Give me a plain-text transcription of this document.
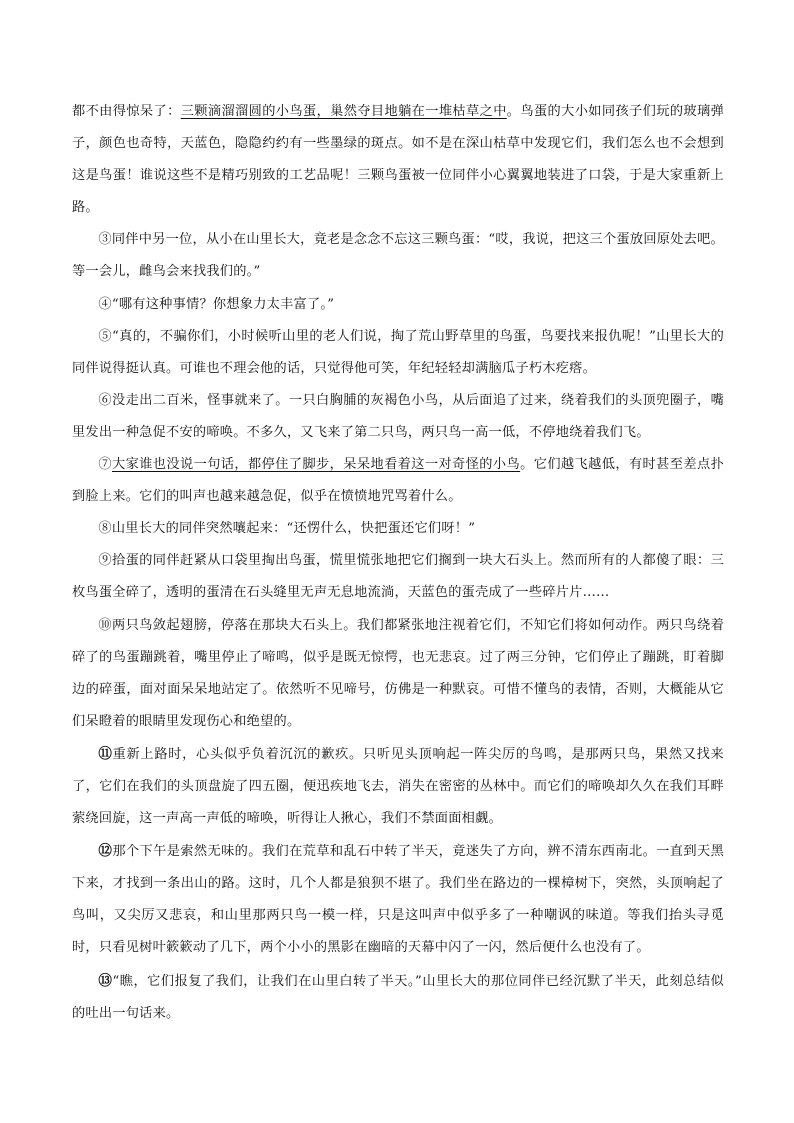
都不由得惊呆了：三颗滴溜溜圆的小鸟蛋，巢然夺目地躺在一堆枯草之中。鸟蛋的大小如同孩子们玩的玻璃弹子，颜色也奇特，天蓝色，隐隐约约有一些墨绿的斑点。如不是在深山枯草中发现它们，我们怎么也不会想到这是鸟蛋！谁说这些不是精巧别致的工艺品呢！三颗鸟蛋被一位同伴小心翼翼地装进了口袋，于是大家重新上路。

③同伴中另一位，从小在山里长大，竟老是念念不忘这三颗鸟蛋：“哎，我说，把这三个蛋放回原处去吧。等一会儿，雌鸟会来找我们的。”

④“哪有这种事情？你想象力太丰富了。”

⑤“真的，不骗你们，小时候听山里的老人们说，掏了荒山野草里的鸟蛋，鸟要找来报仇呢！”山里长大的同伴说得挺认真。可谁也不理会他的话，只觉得他可笑，年纪轻轻却满脑瓜子朽木疙瘩。

⑥没走出二百米，怪事就来了。一只白胸脯的灰褐色小鸟，从后面追了过来，绕着我们的头顶兜圈子，嘴里发出一种急促不安的啼唤。不多久，又飞来了第二只鸟，两只鸟一高一低，不停地绕着我们飞。

⑦大家谁也没说一句话，都停住了脚步，呆呆地看着这一对奇怪的小鸟。它们越飞越低，有时甚至差点扑到脸上来。它们的叫声也越来越急促，似乎在愤愤地咒骂着什么。

⑧山里长大的同伴突然嚷起来：“还愣什么，快把蛋还它们呀！”

⑨拾蛋的同伴赶紧从口袋里掏出鸟蛋，慌里慌张地把它们搁到一块大石头上。然而所有的人都傻了眼：三枚鸟蛋全碎了，透明的蛋清在石头缝里无声无息地流淌，天蓝色的蛋壳成了一些碎片片……

⑩两只鸟敛起翅膀，停落在那块大石头上。我们都紧张地注视着它们，不知它们将如何动作。两只鸟绕着碎了的鸟蛋蹦跳着，嘴里停止了啼鸣，似乎是既无惊愕，也无悲哀。过了两三分钟，它们停止了蹦跳，盯着脚边的碎蛋，面对面呆呆地站定了。依然听不见啼号，仿佛是一种默哀。可惜不懂鸟的表情，否则，大概能从它们呆瞪着的眼睛里发现伤心和绝望的。

⑪重新上路时，心头似乎负着沉沉的歉疚。只听见头顶响起一阵尖厉的鸟鸣，是那两只鸟，果然又找来了，它们在我们的头顶盘旋了四五圈，便迅疾地飞去，消失在密密的丛林中。而它们的啼唤却久久在我们耳畔萦绕回旋，这一声高一声低的啼唤，听得让人揪心，我们不禁面面相觑。

⑫那个下午是索然无味的。我们在荒草和乱石中转了半天，竟迷失了方向，辨不清东西南北。一直到天黑下来，才找到一条出山的路。这时，几个人都是狼狈不堪了。我们坐在路边的一棵樟树下，突然，头顶响起了鸟叫，又尖厉又悲哀，和山里那两只鸟一模一样，只是这叫声中似乎多了一种嘲讽的味道。等我们抬头寻觅时，只看见树叶簌簌动了几下，两个小小的黑影在幽暗的天幕中闪了一闪，然后便什么也没有了。

⑬“瞧，它们报复了我们，让我们在山里白转了半天。”山里长大的那位同伴已经沉默了半天，此刻总结似的吐出一句话来。
